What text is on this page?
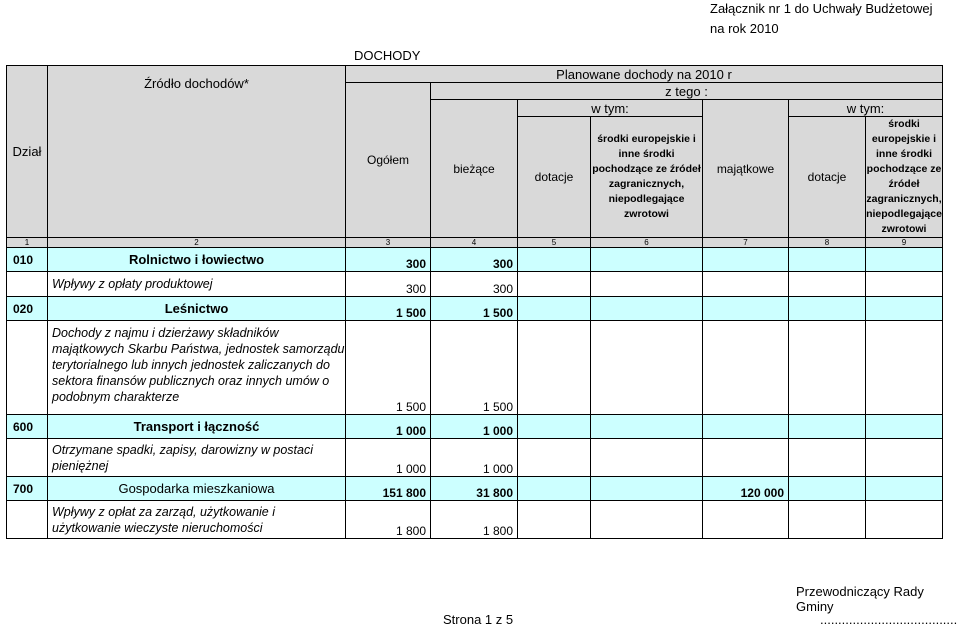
Załącznik nr 1 do Uchwały Budżetowej
na rok 2010
DOCHODY
Dział	Źródło dochodów*	Planowane dochody na 2010 r						
		Ogółem	z tego :					
			bieżące	w tym:		majątkowe	w tym:	
				dotacje	środki europejskie i inne środki pochodzące ze źródeł zagranicznych, niepodlegające zwrotowi		dotacje	środki europejskie i inne środki pochodzące ze źródeł zagranicznych, niepodlegające zwrotowi
1	2	3	4	5	6	7	8	9
010	Rolnictwo i łowiectwo	300	300					
	Wpływy z opłaty produktowej	300	300					
020	Leśnictwo	1 500	1 500					
	Dochody z najmu i dzierżawy składników majątkowych Skarbu Państwa, jednostek samorządu terytorialnego lub innych jednostek zaliczanych do sektora finansów publicznych oraz innych umów o podobnym charakterze	1 500	1 500					
600	Transport i łączność	1 000	1 000					
	Otrzymane spadki, zapisy, darowizny w postaci pieniężnej	1 000	1 000					
700	Gospodarka mieszkaniowa	151 800	31 800			120 000		
	Wpływy z opłat za zarząd, użytkowanie i użytkowanie wieczyste nieruchomości	1 800	1 800					
Przewodniczący Rady Gminy
Strona 1 z 5	......................................
